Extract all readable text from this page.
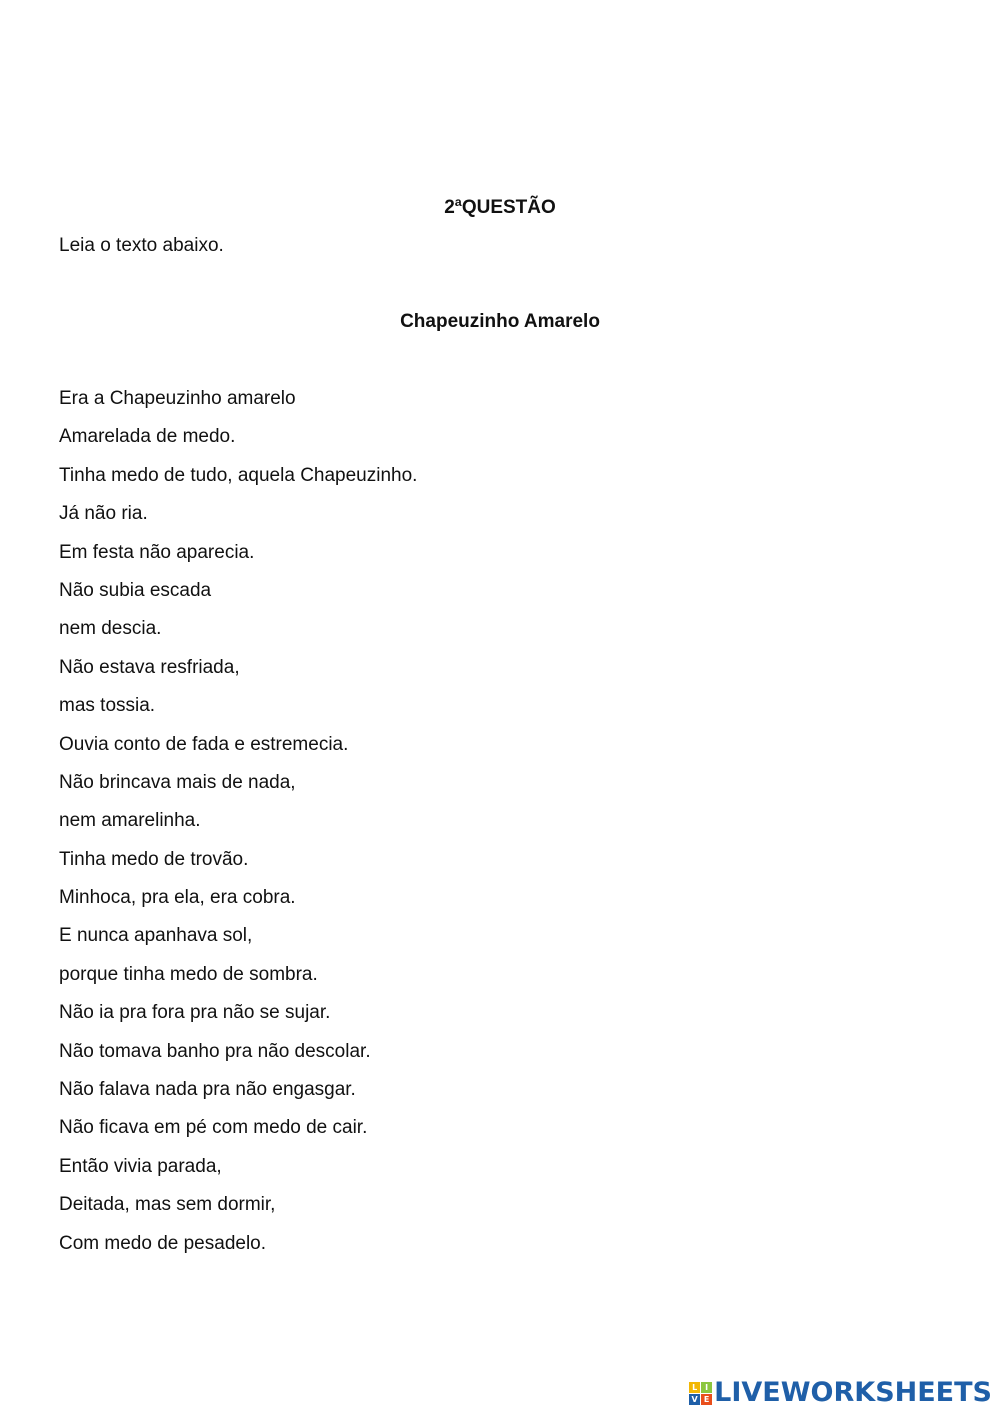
2ªQUESTÃO
Leia o texto abaixo.
Chapeuzinho Amarelo
Era a Chapeuzinho amarelo
Amarelada de medo.
Tinha medo de tudo, aquela Chapeuzinho.
Já não ria.
Em festa não aparecia.
Não subia escada
nem descia.
Não estava resfriada,
mas tossia.
Ouvia conto de fada e estremecia.
Não brincava mais de nada,
nem amarelinha.
Tinha medo de trovão.
Minhoca, pra ela, era cobra.
E nunca apanhava sol,
porque tinha medo de sombra.
Não ia pra fora pra não se sujar.
Não tomava banho pra não descolar.
Não falava nada pra não engasgar.
Não ficava em pé com medo de cair.
Então vivia parada,
Deitada, mas sem dormir,
Com medo de pesadelo.
L I
V E LIVEWORKSHEETS
